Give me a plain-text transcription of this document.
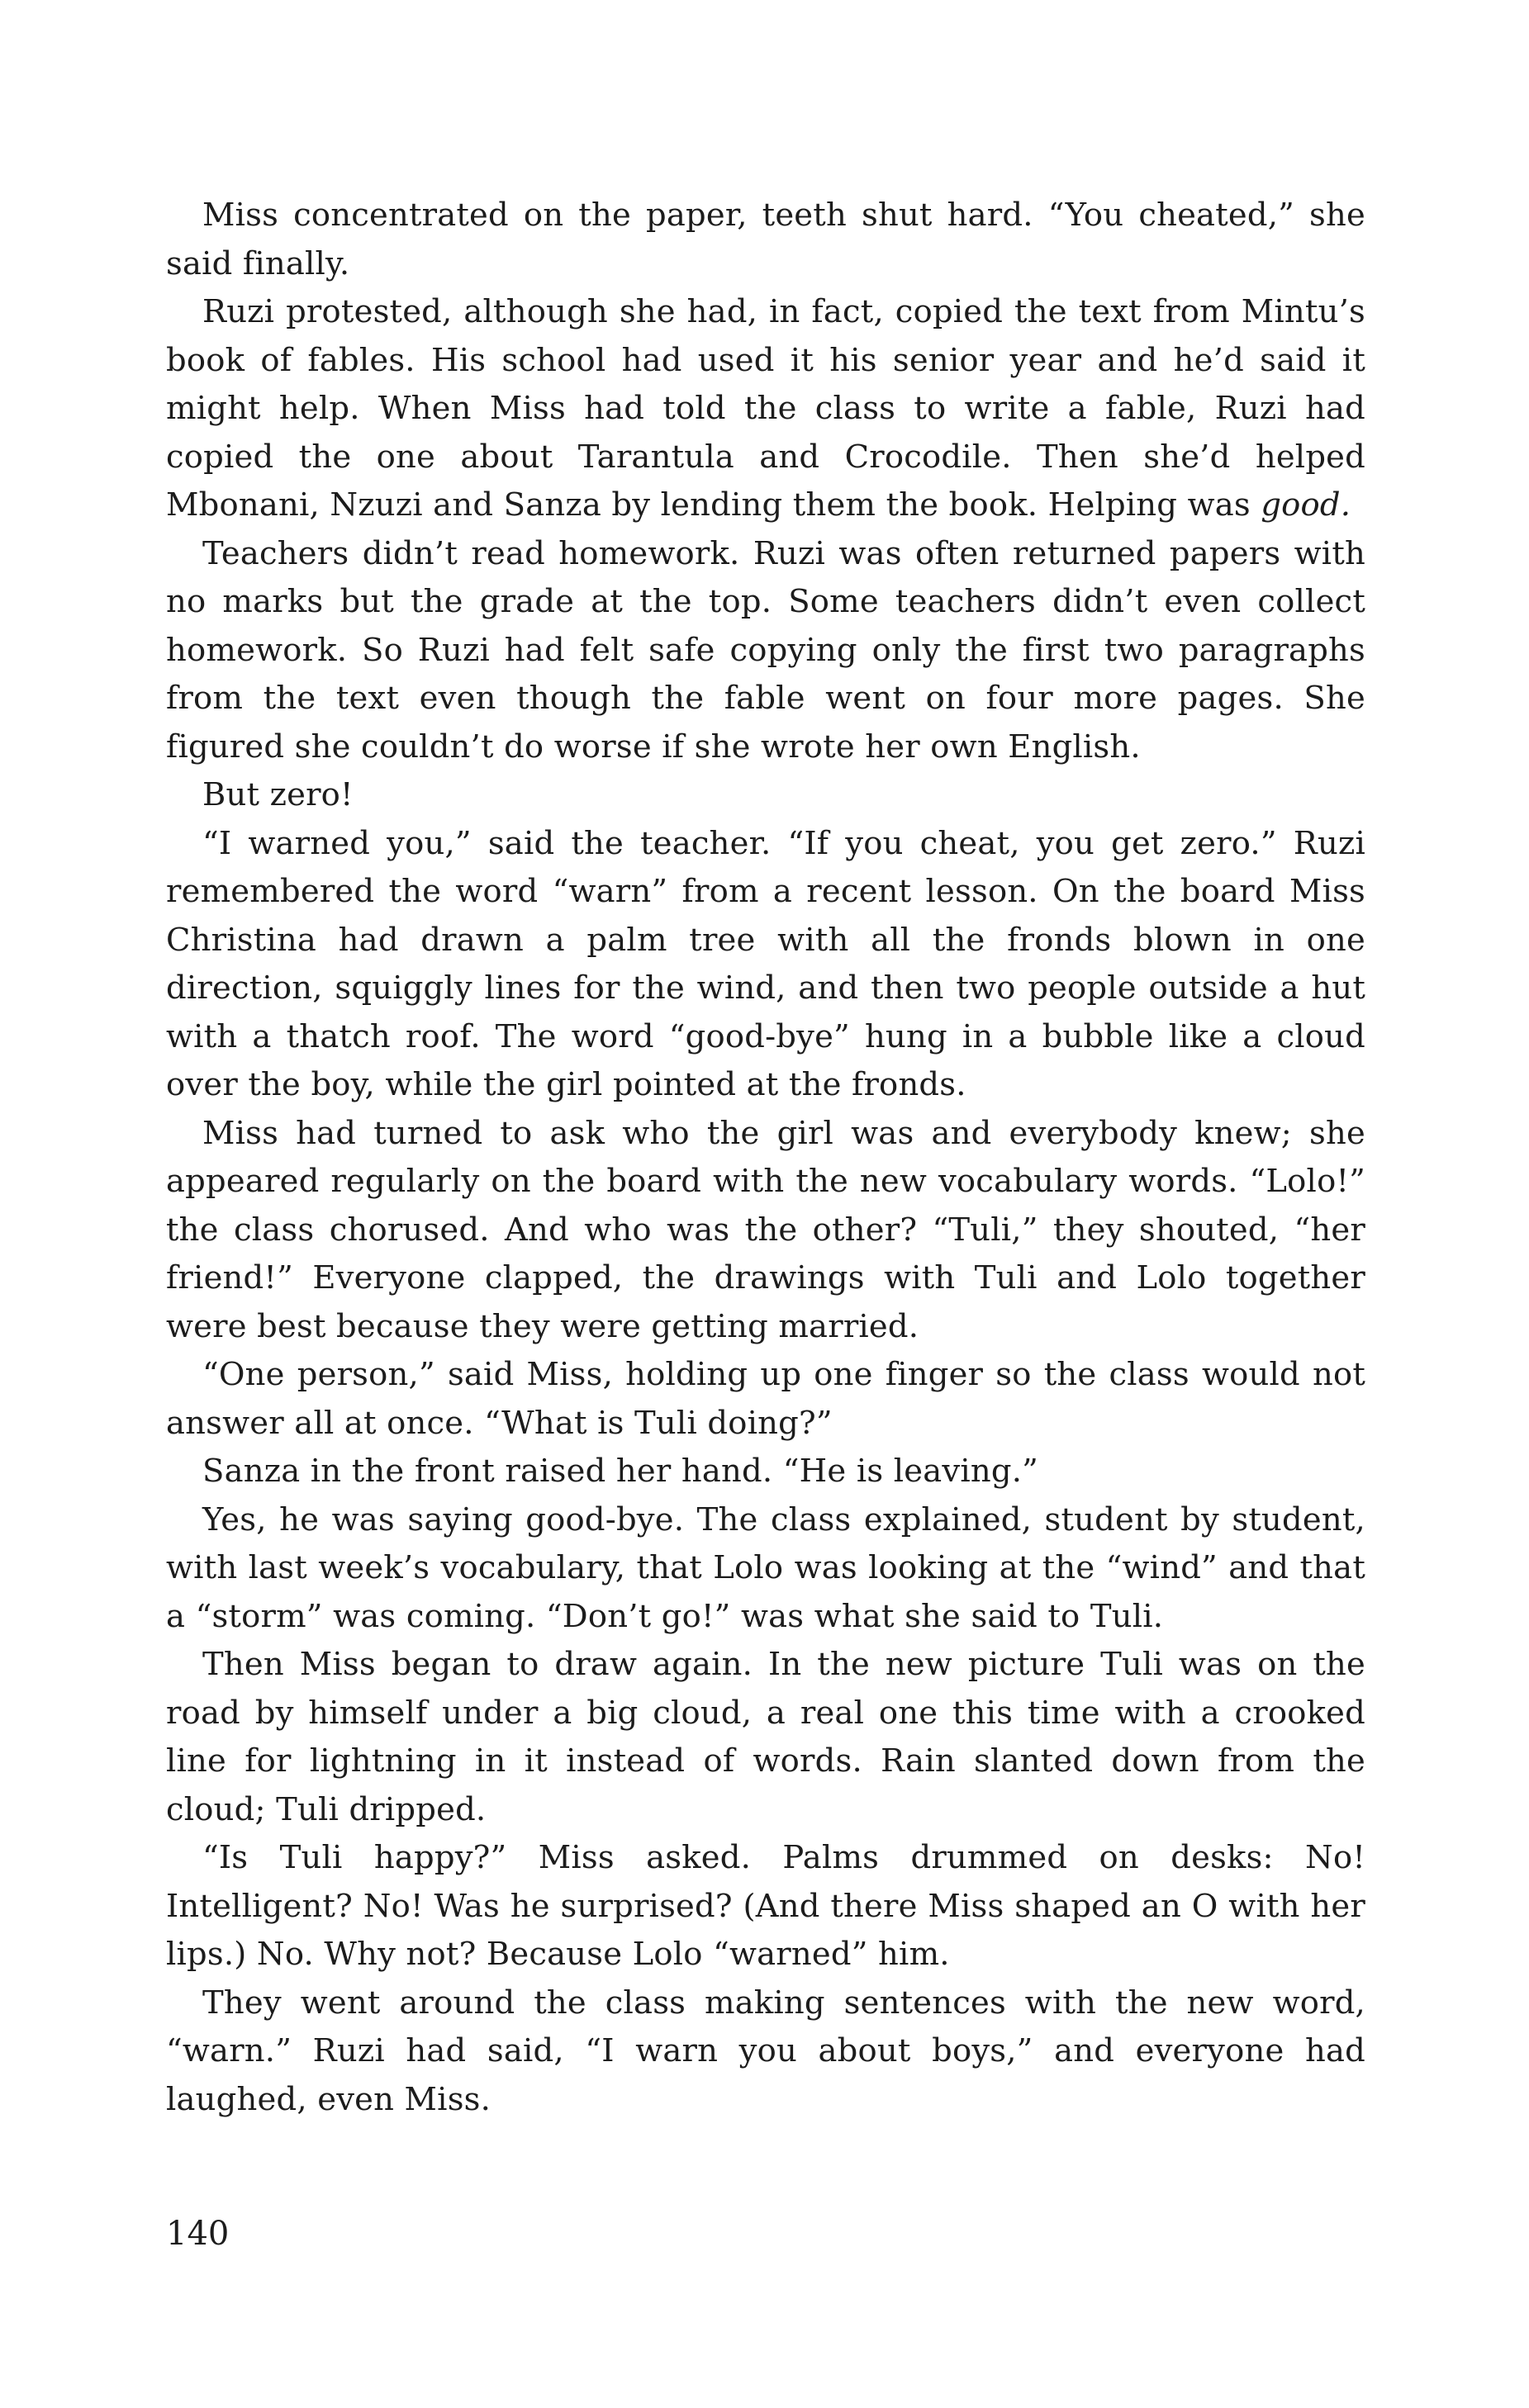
Miss concentrated on the paper, teeth shut hard. “You cheated,” she said finally.

Ruzi protested, although she had, in fact, copied the text from Mintu’s book of fables. His school had used it his senior year and he’d said it might help. When Miss had told the class to write a fable, Ruzi had copied the one about Tarantula and Crocodile. Then she’d helped Mbonani, Nzuzi and Sanza by lending them the book. Helping was good.

Teachers didn’t read homework. Ruzi was often returned papers with no marks but the grade at the top. Some teachers didn’t even collect homework. So Ruzi had felt safe copying only the first two paragraphs from the text even though the fable went on four more pages. She figured she couldn’t do worse if she wrote her own English.

But zero!

“I warned you,” said the teacher. “If you cheat, you get zero.” Ruzi remembered the word “warn” from a recent lesson. On the board Miss Christina had drawn a palm tree with all the fronds blown in one direction, squiggly lines for the wind, and then two people outside a hut with a thatch roof. The word “good-bye” hung in a bubble like a cloud over the boy, while the girl pointed at the fronds.

Miss had turned to ask who the girl was and everybody knew; she appeared regularly on the board with the new vocabulary words. “Lolo!” the class chorused. And who was the other? “Tuli,” they shouted, “her friend!” Everyone clapped, the drawings with Tuli and Lolo together were best because they were getting married.

“One person,” said Miss, holding up one finger so the class would not answer all at once. “What is Tuli doing?”

Sanza in the front raised her hand. “He is leaving.”

Yes, he was saying good-bye. The class explained, student by student, with last week’s vocabulary, that Lolo was looking at the “wind” and that a “storm” was coming. “Don’t go!” was what she said to Tuli.

Then Miss began to draw again. In the new picture Tuli was on the road by himself under a big cloud, a real one this time with a crooked line for lightning in it instead of words. Rain slanted down from the cloud; Tuli dripped.

“Is Tuli happy?” Miss asked. Palms drummed on desks: No! Intelligent? No! Was he surprised? (And there Miss shaped an O with her lips.) No. Why not? Because Lolo “warned” him.

They went around the class making sentences with the new word, “warn.” Ruzi had said, “I warn you about boys,” and everyone had laughed, even Miss.

140
